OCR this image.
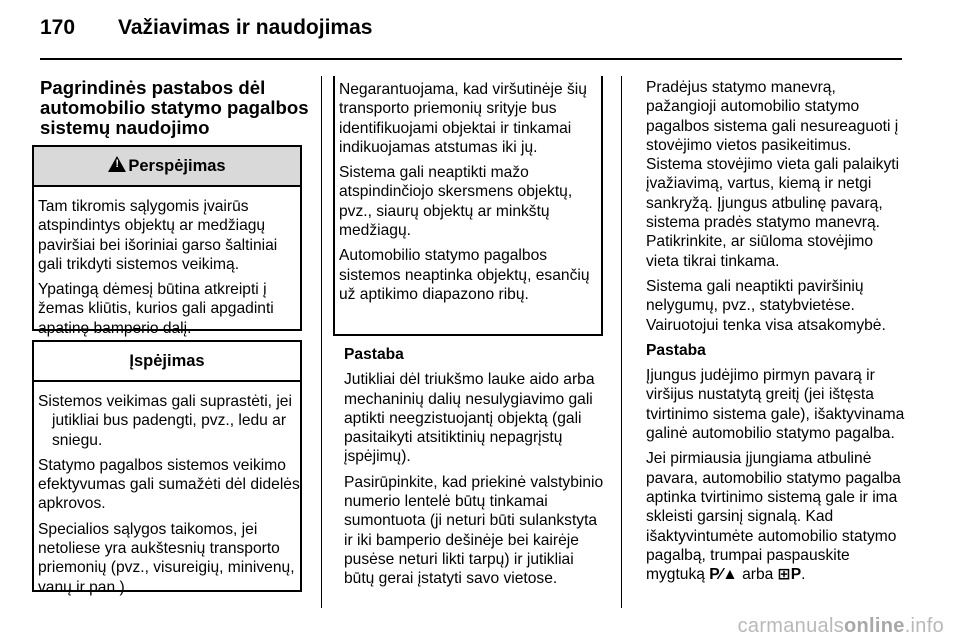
170 Važiavimas ir naudojimas
Pagrindinės pastabos dėl
automobilio statymo pagalbos
sistemų naudojimo
!Perspėjimas

Tam tikromis sąlygomis įvairūs atspindintys objektų ar medžiagų paviršiai bei išoriniai garso šaltiniai gali trikdyti sistemos veikimą.

Ypatingą dėmesį būtina atkreipti į žemas kliūtis, kurios gali apgadinti apatinę bamperio dalį.

Įspėjimas

Sistemos veikimas gali suprastėti, jei jutikliai bus padengti, pvz., ledu ar sniegu.

Statymo pagalbos sistemos veikimo efektyvumas gali sumažėti dėl didelės apkrovos.

Specialios sąlygos taikomos, jei netoliese yra aukštesnių transporto priemonių (pvz., visureigių, minivenų, vanų ir pan.).

Negarantuojama, kad viršutinėje šių transporto priemonių srityje bus identifikuojami objektai ir tinkamai indikuojamas atstumas iki jų.

Sistema gali neaptikti mažo atspindinčiojo skersmens objektų, pvz., siaurų objektų ar minkštų medžiagų.

Automobilio statymo pagalbos sistemos neaptinka objektų, esančių už aptikimo diapazono ribų.

Pastaba

Jutikliai dėl triukšmo lauke aido arba mechaninių dalių nesulygiavimo gali aptikti neegzistuojantį objektą (gali pasitaikyti atsitiktinių nepagrįstų įspėjimų).

Pasirūpinkite, kad priekinė valstybinio numerio lentelė būtų tinkamai sumontuota (ji neturi būti sulankstyta ir iki bamperio dešinėje bei kairėje pusėse neturi likti tarpų) ir jutikliai būtų gerai įstatyti savo vietose.

Pradėjus statymo manevrą, pažangioji automobilio statymo pagalbos sistema gali nesureaguoti į stovėjimo vietos pasikeitimus. Sistema stovėjimo vieta gali palaikyti įvažiavimą, vartus, kiemą ir netgi sankryžą. Įjungus atbulinę pavarą, sistema pradės statymo manevrą. Patikrinkite, ar siūloma stovėjimo vieta tikrai tinkama.

Sistema gali neaptikti paviršinių nelygumų, pvz., statybvietėse. Vairuotojui tenka visa atsakomybė.

Pastaba

Įjungus judėjimo pirmyn pavarą ir viršijus nustatytą greitį (jei ištęsta tvirtinimo sistema gale), išaktyvinama galinė automobilio statymo pagalba.

Jei pirmiausia įjungiama atbulinė pavara, automobilio statymo pagalba aptinka tvirtinimo sistemą gale ir ima skleisti garsinį signalą. Kad išaktyvintumėte automobilio statymo pagalbą, trumpai paspauskite mygtuką P⁄▲ arba ⊞P.

carmanualsonline.info
